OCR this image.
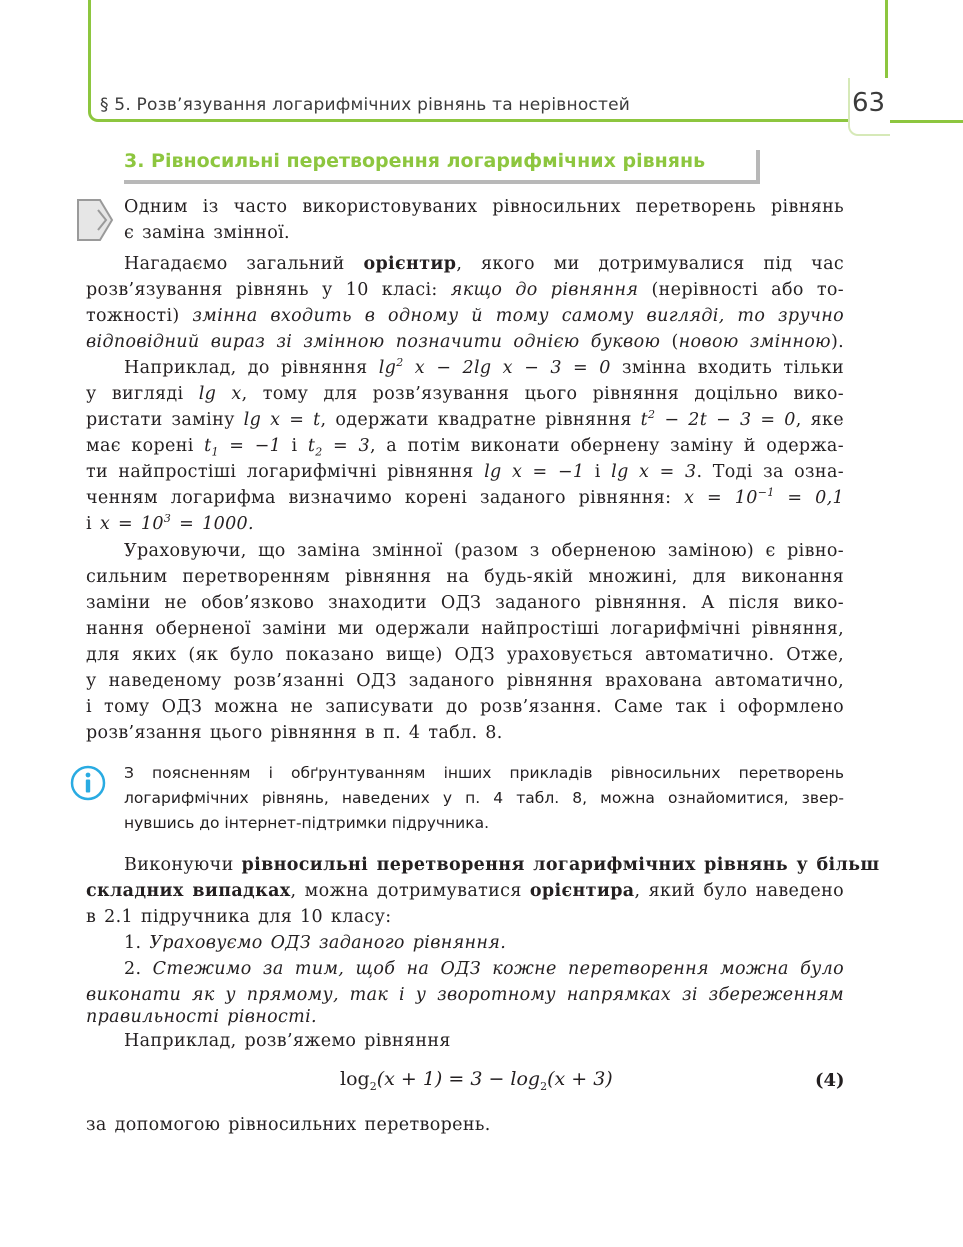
§ 5. Розв’язування логарифмічних рівнянь та нерівностей	63
3. Рівносильні перетворення логарифмічних рівнянь

Одним із часто використовуваних рівносильних перетворень рівнянь

є заміна змінної.

Нагадаємо загальний орієнтир, якого ми дотримувалися під час

розв’язування рівнянь у 10 класі: якщо до рівняння (нерівності або то-

тожності) змінна входить в одному й тому самому вигляді, то зручно

відповідний вираз зі змінною позначити однією буквою (новою змінною).

Наприклад, до рівняння $\lg^2 x - 2\lg$ x − 3 = 0 змінна входить тільки

у вигляді lg x, тому для розв’язування цього рівняння доцільно вико-

ристати заміну lg x = t, одержати квадратне рівняння $t^2 - 2t - 3 = 0$, яке

має корені $t_1 = -1$ і $t_2 = 3$, а потім виконати обернену заміну й одержа-

ти найпростіші логарифмічні рівняння lg x = −1 і lg x = 3. Тоді за озна-

ченням логарифма визначимо корені заданого рівняння: $x = 10^{-1} = 0,1$

і $x = 10^3 = 1000$.

Ураховуючи, що заміна змінної (разом з оберненою заміною) є рівно-

сильним перетворенням рівняння на будь-якій множині, для виконання

заміни не обов’язково знаходити ОДЗ заданого рівняння. А після вико-

нання оберненої заміни ми одержали найпростіші логарифмічні рівняння,

для яких (як було показано вище) ОДЗ ураховується автоматично. Отже,

у наведеному розв’язанні ОДЗ заданого рівняння врахована автоматично,

і тому ОДЗ можна не записувати до розв’язання. Саме так і оформлено

розв’язання цього рівняння в п. 4 табл. 8.

З поясненням і обґрунтуванням інших прикладів рівносильних перетворень

логарифмічних рівнянь, наведених у п. 4 табл. 8, можна ознайомитися, звер-

нувшись до інтернет-підтримки підручника.

Виконуючи рівносильні перетворення логарифмічних рівнянь у більш

складних випадках, можна дотримуватися орієнтира, який було наведено

в 2.1 підручника для 10 класу:

1. Ураховуємо ОДЗ заданого рівняння.

2. Стежимо за тим, щоб на ОДЗ кожне перетворення можна було

виконати як у прямому, так і у зворотному напрямках зі збереженням

правильності рівності.

Наприклад, розв’яжемо рівняння

$\log_2(x + 1) = 3 - \log_2(x + 3)$	(4)

за допомогою рівносильних перетворень.
